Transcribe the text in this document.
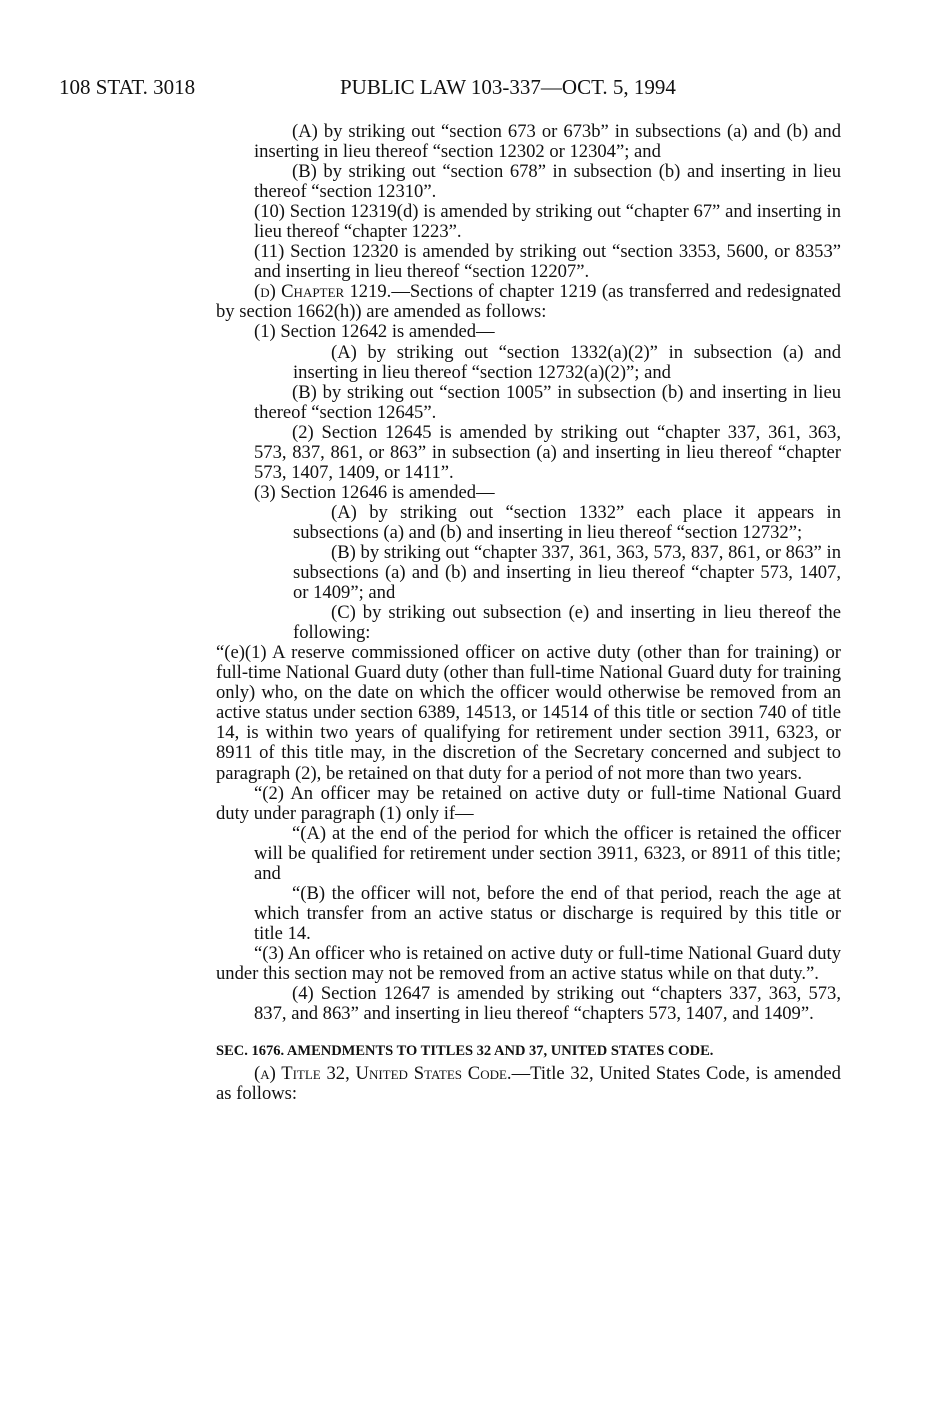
108 STAT. 3018	PUBLIC LAW 103-337—OCT. 5, 1994

(A) by striking out “section 673 or 673b” in subsections (a) and (b) and inserting in lieu thereof “section 12302 or 12304”; and

(B) by striking out “section 678” in subsection (b) and inserting in lieu thereof “section 12310”.

(10) Section 12319(d) is amended by striking out “chapter 67” and inserting in lieu thereof “chapter 1223”.

(11) Section 12320 is amended by striking out “section 3353, 5600, or 8353” and inserting in lieu thereof “section 12207”.

(d) Chapter 1219.—Sections of chapter 1219 (as transferred and redesignated by section 1662(h)) are amended as follows:

(1) Section 12642 is amended—

(A) by striking out “section 1332(a)(2)” in subsection (a) and inserting in lieu thereof “section 12732(a)(2)”; and

(B) by striking out “section 1005” in subsection (b) and inserting in lieu thereof “section 12645”.

(2) Section 12645 is amended by striking out “chapter 337, 361, 363, 573, 837, 861, or 863” in subsection (a) and inserting in lieu thereof “chapter 573, 1407, 1409, or 1411”.

(3) Section 12646 is amended—

(A) by striking out “section 1332” each place it appears in subsections (a) and (b) and inserting in lieu thereof “section 12732”;

(B) by striking out “chapter 337, 361, 363, 573, 837, 861, or 863” in subsections (a) and (b) and inserting in lieu thereof “chapter 573, 1407, or 1409”; and

(C) by striking out subsection (e) and inserting in lieu thereof the following:

“(e)(1) A reserve commissioned officer on active duty (other than for training) or full-time National Guard duty (other than full-time National Guard duty for training only) who, on the date on which the officer would otherwise be removed from an active status under section 6389, 14513, or 14514 of this title or section 740 of title 14, is within two years of qualifying for retirement under section 3911, 6323, or 8911 of this title may, in the discretion of the Secretary concerned and subject to paragraph (2), be retained on that duty for a period of not more than two years.

“(2) An officer may be retained on active duty or full-time National Guard duty under paragraph (1) only if—

“(A) at the end of the period for which the officer is retained the officer will be qualified for retirement under section 3911, 6323, or 8911 of this title; and

“(B) the officer will not, before the end of that period, reach the age at which transfer from an active status or discharge is required by this title or title 14.

“(3) An officer who is retained on active duty or full-time National Guard duty under this section may not be removed from an active status while on that duty.”.

(4) Section 12647 is amended by striking out “chapters 337, 363, 573, 837, and 863” and inserting in lieu thereof “chapters 573, 1407, and 1409”.

SEC. 1676. AMENDMENTS TO TITLES 32 AND 37, UNITED STATES CODE.

(a) Title 32, United States Code.—Title 32, United States Code, is amended as follows:
